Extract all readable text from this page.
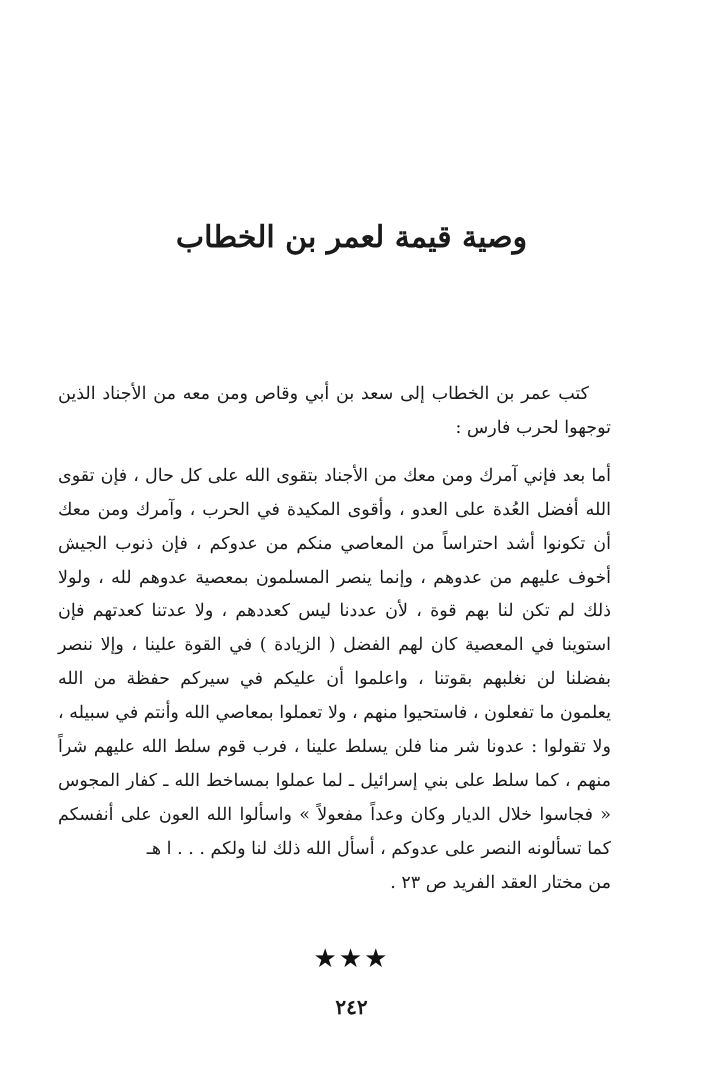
وصية قيمة لعمر بن الخطاب

كتب عمر بن الخطاب إلى سعد بن أبي وقاص ومن معه من الأجناد الذين توجهوا لحرب فارس :

أما بعد فإني آمرك ومن معك من الأجناد بتقوى الله على كل حال ، فإن تقوى الله أفضل العُدة على العدو ، وأقوى المكيدة في الحرب ، وآمرك ومن معك أن تكونوا أشد احتراساً من المعاصي منكم من عدوكم ، فإن ذنوب الجيش أخوف عليهم من عدوهم ، وإنما ينصر المسلمون بمعصية عدوهم لله ، ولولا ذلك لم تكن لنا بهم قوة ، لأن عددنا ليس كعددهم ، ولا عدتنا كعدتهم فإن استوينا في المعصية كان لهم الفضل ( الزيادة ) في القوة علينا ، وإلا ننصر بفضلنا لن نغلبهم بقوتنا ، واعلموا أن عليكم في سيركم حفظة من الله يعلمون ما تفعلون ، فاستحيوا منهم ، ولا تعملوا بمعاصي الله وأنتم في سبيله ، ولا تقولوا : عدونا شر منا فلن يسلط علينا ، فرب قوم سلط الله عليهم شراً منهم ، كما سلط على بني إسرائيل ـ لما عملوا بمساخط الله ـ كفار المجوس « فجاسوا خلال الديار وكان وعداً مفعولاً » واسألوا الله العون على أنفسكم كما تسألونه النصر على عدوكم ، أسأل الله ذلك لنا ولكم . . . ا هـ

من مختار العقد الفريد ص ٢٣ .

★★★
٢٤٢
